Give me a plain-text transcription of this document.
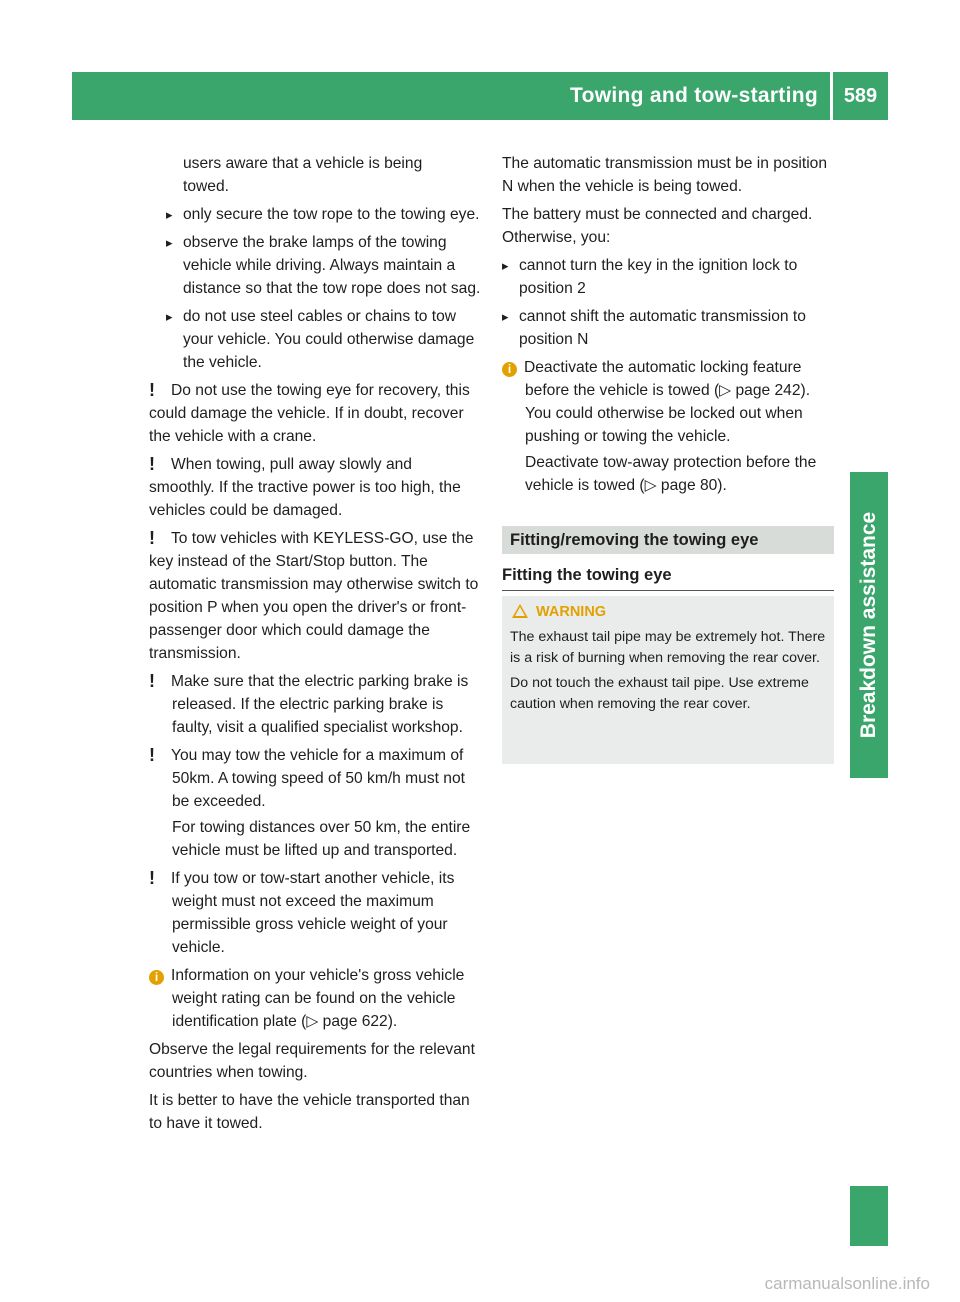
Towing and tow-starting	589
Breakdown assistance

users aware that a vehicle is being

towed.

▸ only secure the tow rope to the towing eye.

▸ observe the brake lamps of the towing vehicle while driving. Always maintain a distance so that the tow rope does not sag.

▸ do not use steel cables or chains to tow your vehicle. You could otherwise damage the vehicle.

! Do not use the towing eye for recovery, this could damage the vehicle. If in doubt, recover the vehicle with a crane.

! When towing, pull away slowly and smoothly. If the tractive power is too high, the vehicles could be damaged.

! To tow vehicles with KEYLESS-GO, use the key instead of the Start/Stop button. The automatic transmission may otherwise switch to position P when you open the driver's or front-passenger door which could damage the transmission.

! Make sure that the electric parking brake is released. If the electric parking brake is faulty, visit a qualified specialist workshop.

! You may tow the vehicle for a maximum of 50km. A towing speed of 50 km/h must not be exceeded.

For towing distances over 50 km, the entire vehicle must be lifted up and transported.

! If you tow or tow-start another vehicle, its weight must not exceed the maximum permissible gross vehicle weight of your vehicle.

i Information on your vehicle's gross vehicle weight rating can be found on the vehicle identification plate (▷ page 622).

Observe the legal requirements for the relevant countries when towing.

It is better to have the vehicle transported than to have it towed.

The automatic transmission must be in position N when the vehicle is being towed.

The battery must be connected and charged. Otherwise, you:

▸ cannot turn the key in the ignition lock to position 2

▸ cannot shift the automatic transmission to position N

i Deactivate the automatic locking feature before the vehicle is towed (▷ page 242). You could otherwise be locked out when pushing or towing the vehicle.

Deactivate tow-away protection before the vehicle is towed (▷ page 80).

Fitting/removing the towing eye
Fitting the towing eye
WARNING

The exhaust tail pipe may be extremely hot. There is a risk of burning when removing the rear cover.

Do not touch the exhaust tail pipe. Use extreme caution when removing the rear cover.

carmanualsonline.info
